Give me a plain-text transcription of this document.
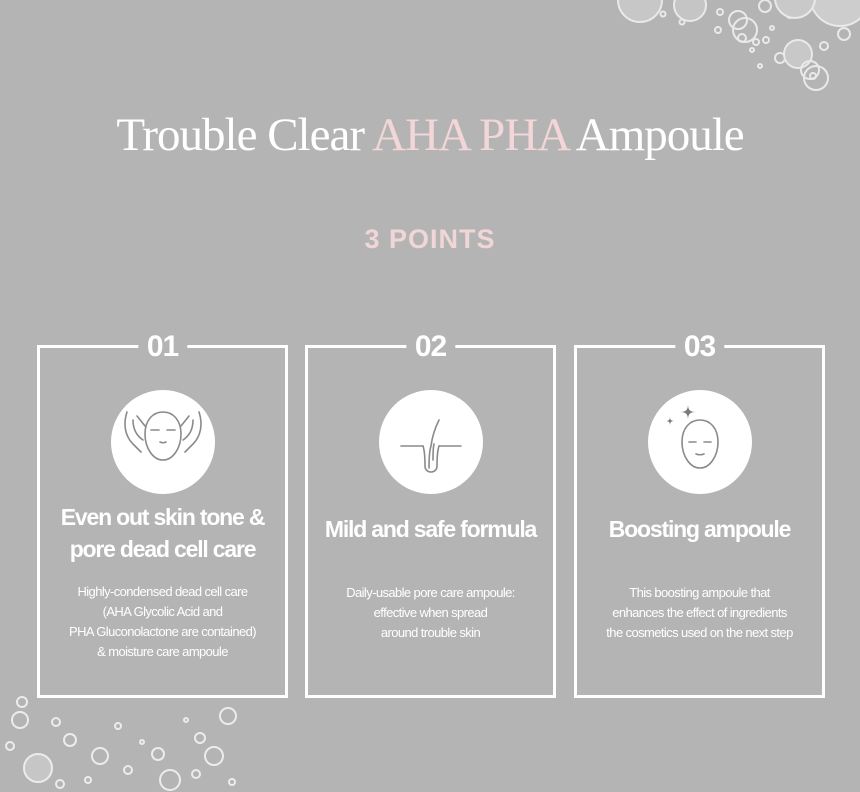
Trouble Clear AHA PHA Ampoule
3 POINTS
01
Even out skin tone &
pore dead cell care
Highly-condensed dead cell care
(AHA Glycolic Acid and
PHA Gluconolactone are contained)
& moisture care ampoule
02
Mild and safe formula
Daily-usable pore care ampoule:
effective when spread
around trouble skin
03
Boosting ampoule
This boosting ampoule that
enhances the effect of ingredients
the cosmetics used on the next step
